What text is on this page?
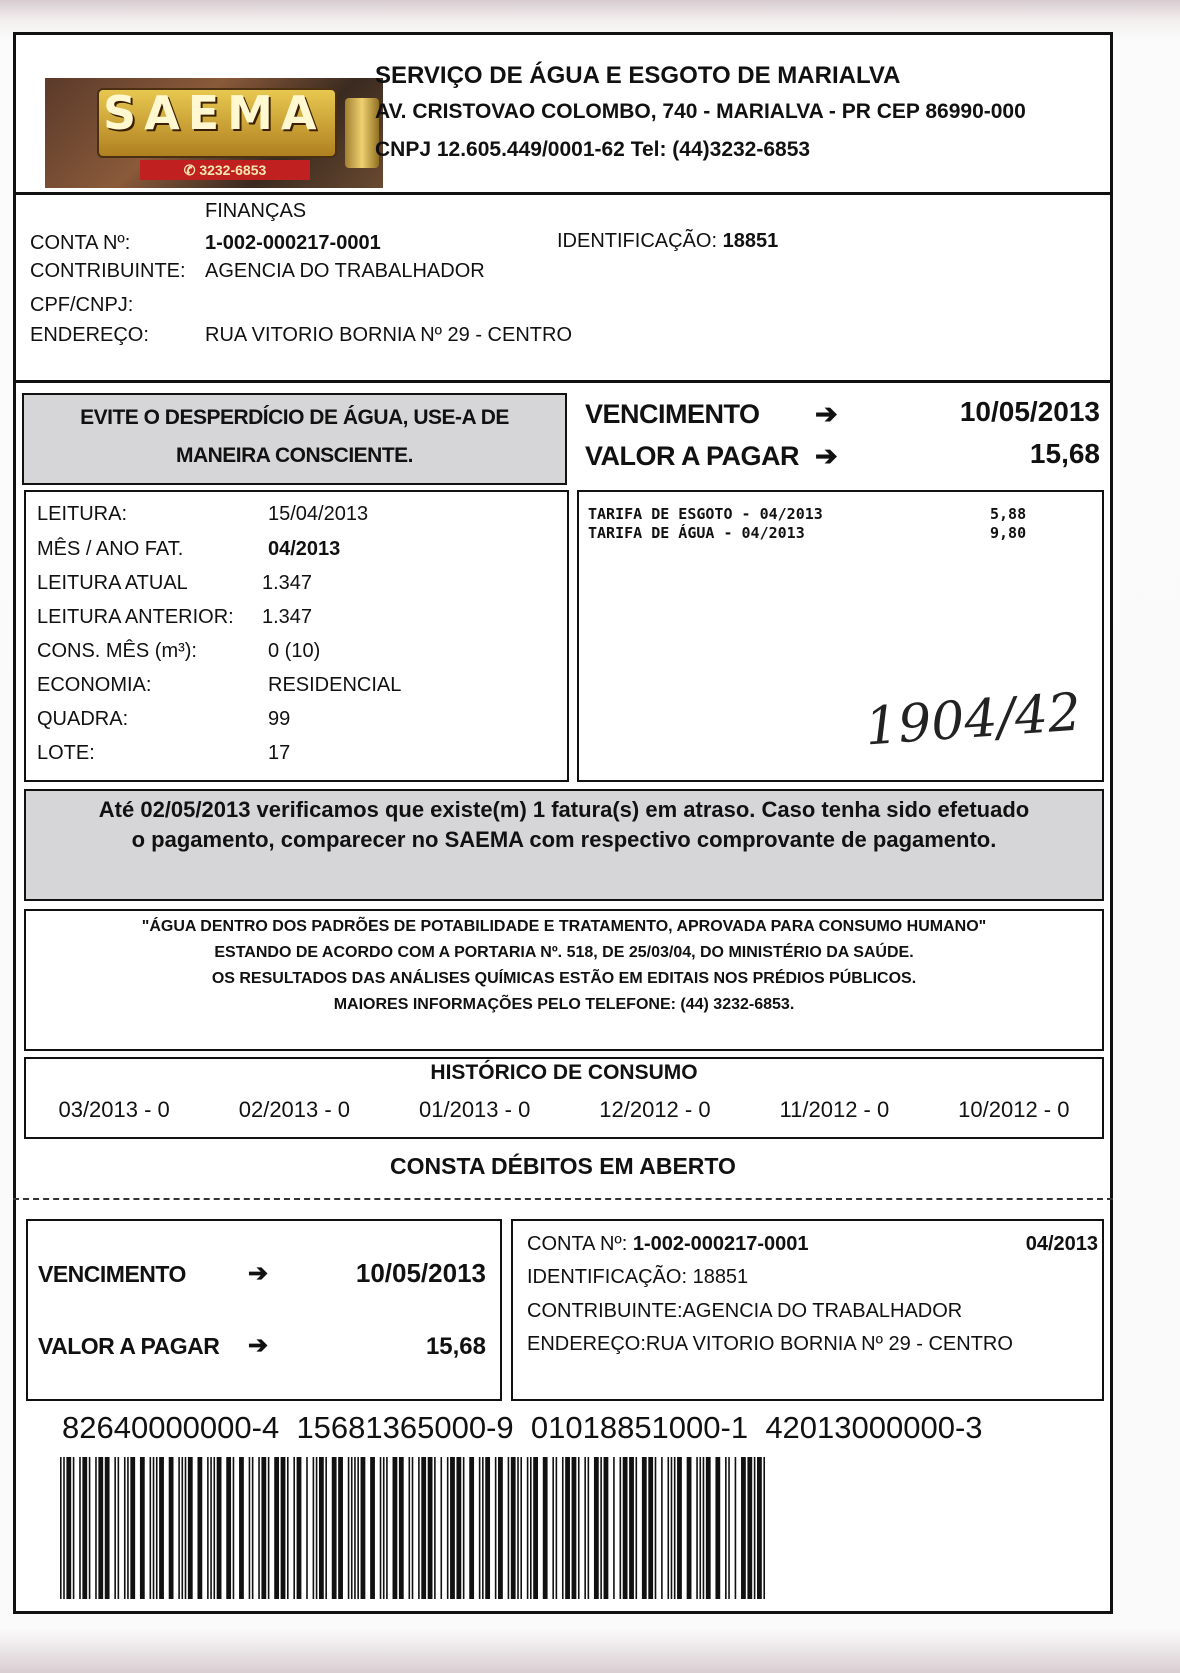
SAEMA
✆ 3232-6853
SERVIÇO DE ÁGUA E ESGOTO DE MARIALVA
AV. CRISTOVAO COLOMBO, 740 - MARIALVA - PR CEP 86990-000
CNPJ 12.605.449/0001-62 Tel: (44)3232-6853
FINANÇAS
CONTA Nº:	1-002-000217-0001	IDENTIFICAÇÃO: 18851
CONTRIBUINTE: AGENCIA DO TRABALHADOR
CPF/CNPJ:
ENDEREÇO:	RUA VITORIO BORNIA Nº 29 - CENTRO
EVITE O DESPERDÍCIO DE ÁGUA, USE-A DE
MANEIRA CONSCIENTE.
VENCIMENTO ➔	10/05/2013
VALOR A PAGAR ➔	15,68
LEITURA:	15/04/2013
MÊS / ANO FAT.	04/2013
LEITURA ATUAL	1.347
LEITURA ANTERIOR: 1.347
CONS. MÊS (m³):	0 (10)
ECONOMIA:	RESIDENCIAL
QUADRA:	99
LOTE:	17
TARIFA DE ESGOTO - 04/2013	5,88
TARIFA DE ÁGUA - 04/2013	9,80
1904/42
Até 02/05/2013 verificamos que existe(m) 1 fatura(s) em atraso. Caso tenha sido efetuado
o pagamento, comparecer no SAEMA com respectivo comprovante de pagamento.
"ÁGUA DENTRO DOS PADRÕES DE POTABILIDADE E TRATAMENTO, APROVADA PARA CONSUMO HUMANO"
ESTANDO DE ACORDO COM A PORTARIA Nº. 518, DE 25/03/04, DO MINISTÉRIO DA SAÚDE.
OS RESULTADOS DAS ANÁLISES QUÍMICAS ESTÃO EM EDITAIS NOS PRÉDIOS PÚBLICOS.
MAIORES INFORMAÇÕES PELO TELEFONE: (44) 3232-6853.
HISTÓRICO DE CONSUMO
03/2013 - 0	02/2013 - 0	01/2013 - 0	12/2012 - 0	11/2012 - 0	10/2012 - 0
CONSTA DÉBITOS EM ABERTO
VENCIMENTO	➔	10/05/2013
VALOR A PAGAR ➔	15,68
CONTA Nº: 1-002-000217-0001	04/2013
IDENTIFICAÇÃO: 18851
CONTRIBUINTE:AGENCIA DO TRABALHADOR
ENDEREÇO:RUA VITORIO BORNIA Nº 29 - CENTRO
82640000000-4  15681365000-9  01018851000-1  42013000000-3
